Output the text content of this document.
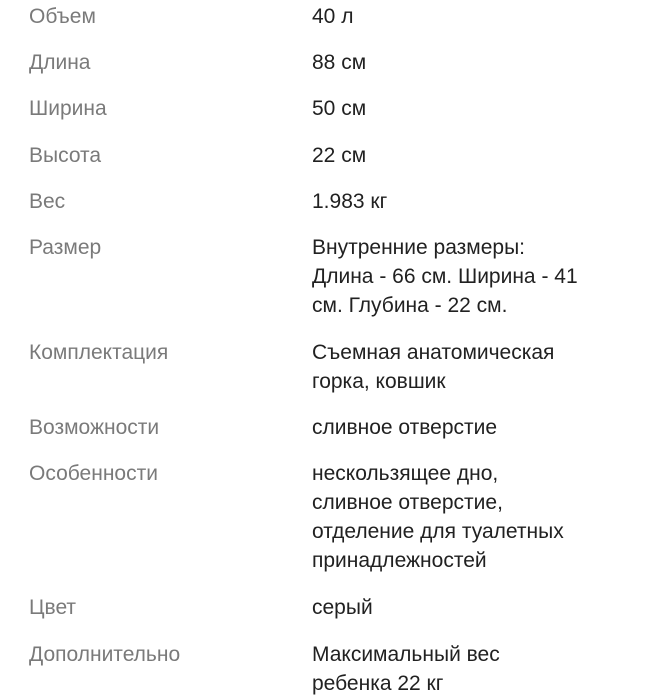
Объем	40 л
Длина	88 см
Ширина	50 см
Высота	22 см
Вес	1.983 кг
Размер	Внутренние размеры:
Длина - 66 см. Ширина - 41
см. Глубина - 22 см.
Комплектация	Съемная анатомическая
горка, ковшик
Возможности	сливное отверстие
Особенности	нескользящее дно,
сливное отверстие,
отделение для туалетных
принадлежностей
Цвет	серый
Дополнительно	Максимальный вес
ребенка 22 кг
